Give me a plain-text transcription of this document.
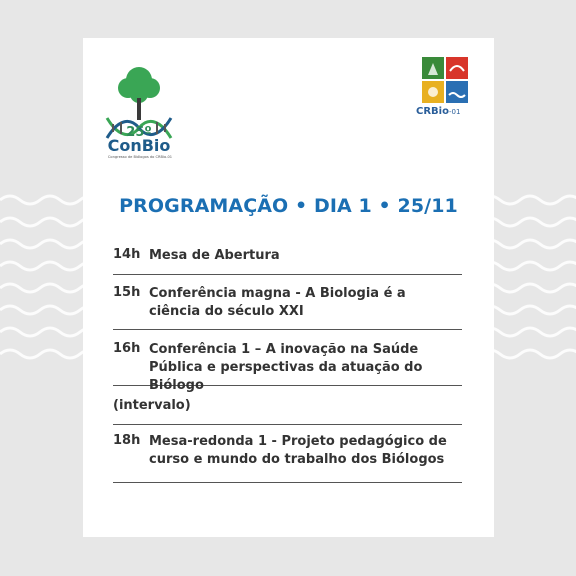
25º
ConBio
Congresso de Biólogos do CRBio-01
CRBio-01
PROGRAMAÇÃO • DIA 1 • 25/11
14h Mesa de Abertura
15h Conferência magna - A Biologia é a
ciência do século XXI
16h Conferência 1 – A inovação na Saúde
Pública e perspectivas da atuação do Biólogo
(intervalo)
18h Mesa-redonda 1 - Projeto pedagógico de
curso e mundo do trabalho dos Biólogos
